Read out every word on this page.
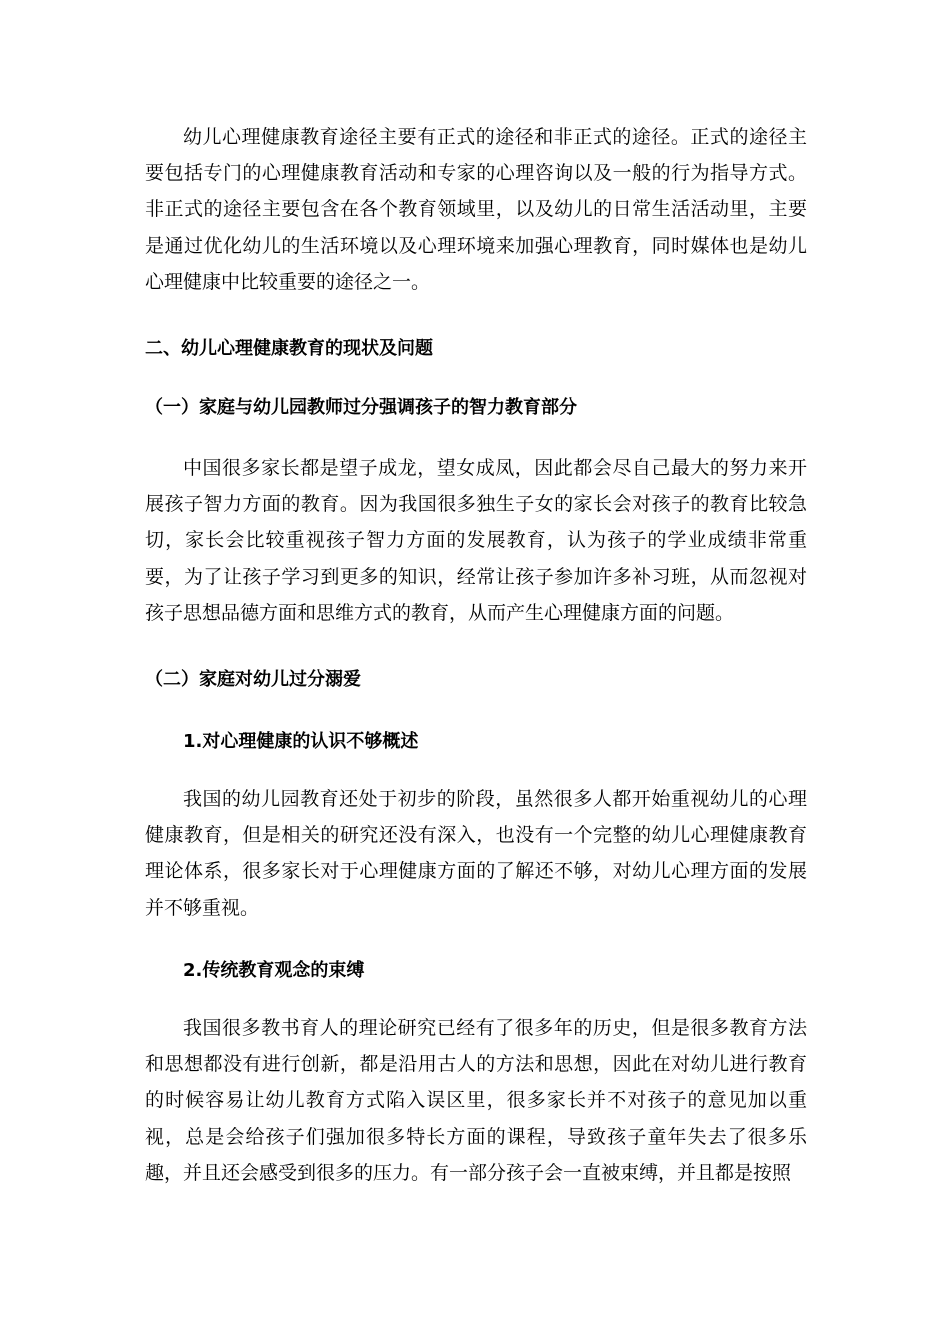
幼儿心理健康教育途径主要有正式的途径和非正式的途径。正式的途径主要包括专门的心理健康教育活动和专家的心理咨询以及一般的行为指导方式。非正式的途径主要包含在各个教育领域里，以及幼儿的日常生活活动里，主要是通过优化幼儿的生活环境以及心理环境来加强心理教育，同时媒体也是幼儿心理健康中比较重要的途径之一。

二、幼儿心理健康教育的现状及问题
（一）家庭与幼儿园教师过分强调孩子的智力教育部分

中国很多家长都是望子成龙，望女成凤，因此都会尽自己最大的努力来开展孩子智力方面的教育。因为我国很多独生子女的家长会对孩子的教育比较急切，家长会比较重视孩子智力方面的发展教育，认为孩子的学业成绩非常重要，为了让孩子学习到更多的知识，经常让孩子参加许多补习班，从而忽视对孩子思想品德方面和思维方式的教育，从而产生心理健康方面的问题。

（二）家庭对幼儿过分溺爱
1.对心理健康的认识不够概述

我国的幼儿园教育还处于初步的阶段，虽然很多人都开始重视幼儿的心理健康教育，但是相关的研究还没有深入，也没有一个完整的幼儿心理健康教育理论体系，很多家长对于心理健康方面的了解还不够，对幼儿心理方面的发展并不够重视。

2.传统教育观念的束缚

我国很多教书育人的理论研究已经有了很多年的历史，但是很多教育方法和思想都没有进行创新，都是沿用古人的方法和思想，因此在对幼儿进行教育的时候容易让幼儿教育方式陷入误区里，很多家长并不对孩子的意见加以重视，总是会给孩子们强加很多特长方面的课程，导致孩子童年失去了很多乐趣，并且还会感受到很多的压力。有一部分孩子会一直被束缚，并且都是按照
